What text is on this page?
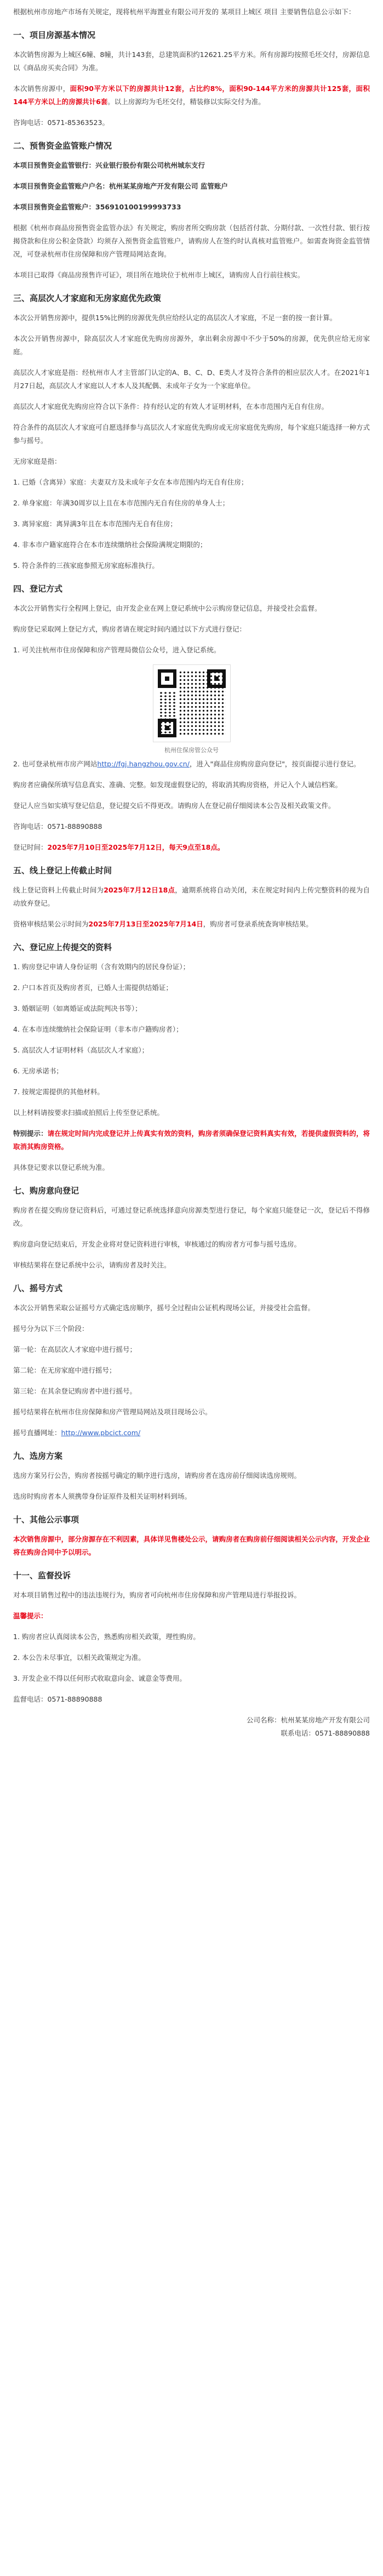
根据杭州市房地产市场有关规定，现将杭州平海置业有限公司开发的 某项目上城区 项目 主要销售信息公示如下：

一、项目房源基本情况

本次销售房源为上城区6幢、8幢，共计143套，总建筑面积约12621.25平方米。所有房源均按照毛坯交付，房源信息以《商品房买卖合同》为准。

本次销售房源中，面积90平方米以下的房源共计12套，占比约8%，面积90-144平方米的房源共计125套，面积144平方米以上的房源共计6套。以上房源均为毛坯交付，精装修以实际交付为准。

咨询电话：0571-85363523。

二、预售资金监管账户情况

本项目预售资金监管银行：兴业银行股份有限公司杭州城东支行

本项目预售资金监管账户户名：杭州某某房地产开发有限公司 监管账户

本项目预售资金监管账户：356910100199993733

根据《杭州市商品房预售资金监管办法》有关规定，购房者所交购房款（包括首付款、分期付款、一次性付款、银行按揭贷款和住房公积金贷款）均须存入预售资金监管账户，请购房人在签约时认真核对监管账户。如需查询资金监管情况，可登录杭州市住房保障和房产管理局网站查询。

本项目已取得《商品房预售许可证》，项目所在地块位于杭州市上城区，请购房人自行前往核实。

三、高层次人才家庭和无房家庭优先政策

本次公开销售房源中，提供15%比例的房源优先供应给经认定的高层次人才家庭，不足一套的按一套计算。

本次公开销售房源中，除高层次人才家庭优先购房房源外，拿出剩余房源中不少于50%的房源，优先供应给无房家庭。

高层次人才家庭是指：经杭州市人才主管部门认定的A、B、C、D、E类人才及符合条件的相应层次人才。在2021年1月27日起，高层次人才家庭以人才本人及其配偶、未成年子女为一个家庭单位。

高层次人才家庭优先购房应符合以下条件：持有经认定的有效人才证明材料，在本市范围内无自有住房。

符合条件的高层次人才家庭可自愿选择参与高层次人才家庭优先购房或无房家庭优先购房，每个家庭只能选择一种方式参与摇号。

无房家庭是指：

1. 已婚（含离异）家庭：夫妻双方及未成年子女在本市范围内均无自有住房；

2. 单身家庭：年满30周岁以上且在本市范围内无自有住房的单身人士；

3. 离异家庭：离异满3年且在本市范围内无自有住房；

4. 非本市户籍家庭符合在本市连续缴纳社会保险满规定期限的；

5. 符合条件的三孩家庭参照无房家庭标准执行。

四、登记方式

本次公开销售实行全程网上登记，由开发企业在网上登记系统中公示购房登记信息，并接受社会监督。

购房登记采取网上登记方式，购房者请在规定时间内通过以下方式进行登记：

1. 可关注杭州市住房保障和房产管理局微信公众号，进入登记系统。

杭州住保房管公众号

2. 也可登录杭州市房产网站http://fgj.hangzhou.gov.cn/，进入"商品住房购房意向登记"，按页面提示进行登记。

购房者应确保所填写信息真实、准确、完整。如发现虚假登记的，将取消其购房资格，并记入个人诚信档案。

登记人应当如实填写登记信息，登记提交后不得更改。请购房人在登记前仔细阅读本公告及相关政策文件。

咨询电话：0571-88890888

登记时间：2025年7月10日至2025年7月12日，每天9点至18点。

五、线上登记上传截止时间

线上登记资料上传截止时间为2025年7月12日18点，逾期系统将自动关闭，未在规定时间内上传完整资料的视为自动放弃登记。

资格审核结果公示时间为2025年7月13日至2025年7月14日，购房者可登录系统查询审核结果。

六、登记应上传提交的资料

1. 购房登记申请人身份证明（含有效期内的居民身份证）；

2. 户口本首页及购房者页，已婚人士需提供结婚证；

3. 婚姻证明（如离婚证或法院判决书等）；

4. 在本市连续缴纳社会保险证明（非本市户籍购房者）；

5. 高层次人才证明材料（高层次人才家庭）；

6. 无房承诺书；

7. 按规定需提供的其他材料。

以上材料请按要求扫描或拍照后上传至登记系统。

特别提示：请在规定时间内完成登记并上传真实有效的资料，购房者须确保登记资料真实有效，若提供虚假资料的，将取消其购房资格。

具体登记要求以登记系统为准。

七、购房意向登记

购房者在提交购房登记资料后，可通过登记系统选择意向房源类型进行登记，每个家庭只能登记一次，登记后不得修改。

购房意向登记结束后，开发企业将对登记资料进行审核，审核通过的购房者方可参与摇号选房。

审核结果将在登记系统中公示，请购房者及时关注。

八、摇号方式

本次公开销售采取公证摇号方式确定选房顺序，摇号全过程由公证机构现场公证，并接受社会监督。

摇号分为以下三个阶段：

第一轮：在高层次人才家庭中进行摇号；

第二轮：在无房家庭中进行摇号；

第三轮：在其余登记购房者中进行摇号。

摇号结果将在杭州市住房保障和房产管理局网站及项目现场公示。

摇号直播网址：http://www.pbcict.com/

九、选房方案

选房方案另行公告，购房者按摇号确定的顺序进行选房，请购房者在选房前仔细阅读选房规则。

选房时购房者本人须携带身份证原件及相关证明材料到场。

十、其他公示事项

本次销售房源中，部分房源存在不利因素，具体详见售楼处公示，请购房者在购房前仔细阅读相关公示内容，开发企业将在购房合同中予以明示。

十一、监督投诉

对本项目销售过程中的违法违规行为，购房者可向杭州市住房保障和房产管理局进行举报投诉。

温馨提示：

1. 购房者应认真阅读本公告，熟悉购房相关政策，理性购房。

2. 本公告未尽事宜，以相关政策规定为准。

3. 开发企业不得以任何形式收取意向金、诚意金等费用。

监督电话：0571-88890888

公司名称：杭州某某房地产开发有限公司

联系电话：0571-88890888
